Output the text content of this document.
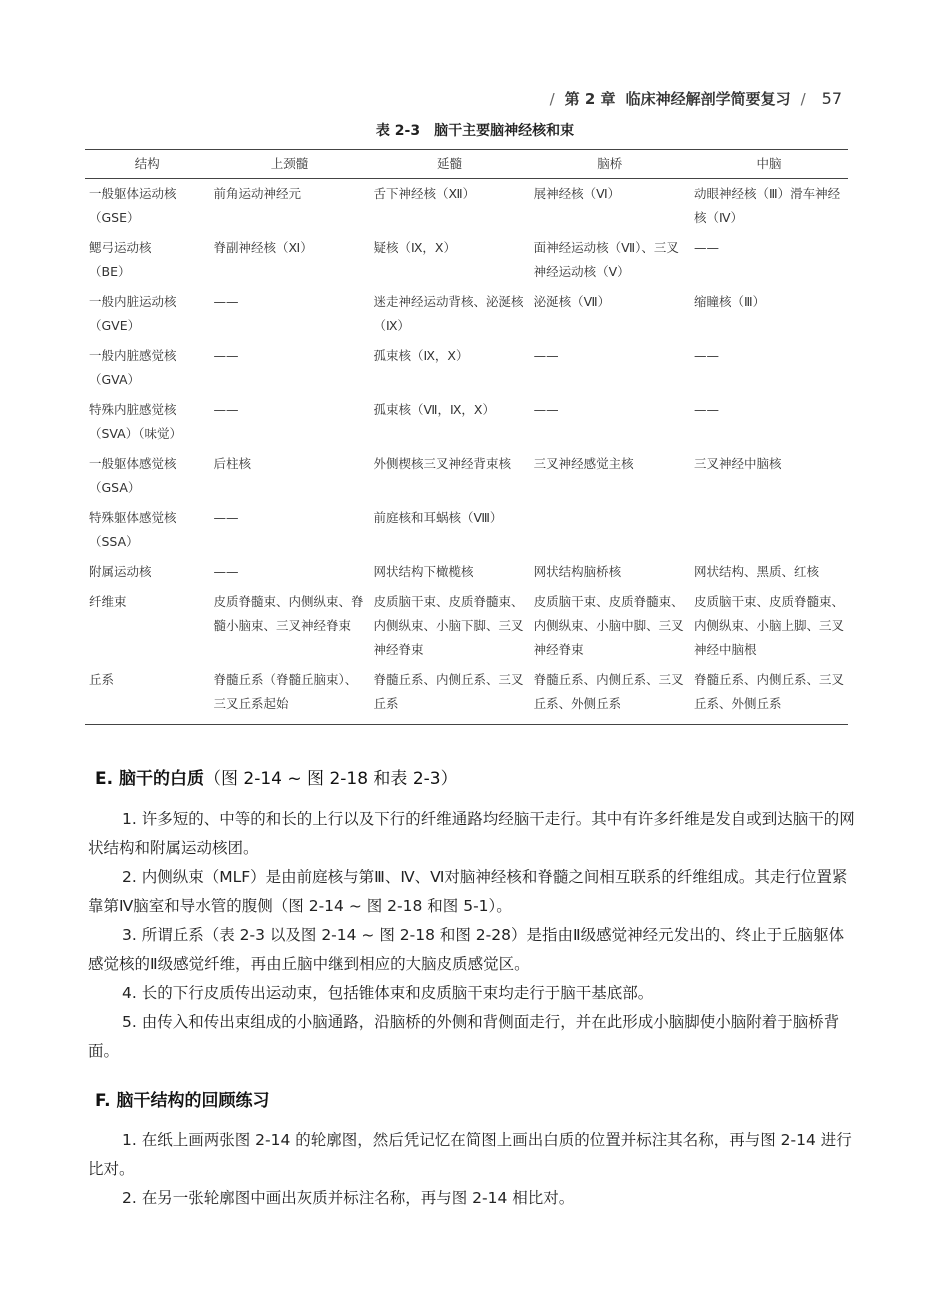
/ 第 2 章 临床神经解剖学简要复习 / 57
表 2-3　脑干主要脑神经核和束
结构	上颈髓	延髓	脑桥	中脑

一般躯体运动核
（GSE）	前角运动神经元	舌下神经核（Ⅻ）	展神经核（Ⅵ）	动眼神经核（Ⅲ）滑车神经核（Ⅳ）

鳃弓运动核
（BE）	脊副神经核（Ⅺ）	疑核（Ⅸ，Ⅹ）	面神经运动核（Ⅶ）、三叉神经运动核（Ⅴ）	——

一般内脏运动核
（GVE）	——	迷走神经运动背核、泌涎核（Ⅸ）	泌涎核（Ⅶ）	缩瞳核（Ⅲ）

一般内脏感觉核
（GVA）	——	孤束核（Ⅸ，Ⅹ）	——	——

特殊内脏感觉核
（SVA）（味觉）	——	孤束核（Ⅶ，Ⅸ，Ⅹ）	——	——

一般躯体感觉核
（GSA）	后柱核	外侧楔核三叉神经背束核	三叉神经感觉主核	三叉神经中脑核

特殊躯体感觉核
（SSA）	——	前庭核和耳蜗核（Ⅷ）		

附属运动核	——	网状结构下橄榄核	网状结构脑桥核	网状结构、黑质、红核

纤维束	皮质脊髓束、内侧纵束、脊髓小脑束、三叉神经脊束	皮质脑干束、皮质脊髓束、内侧纵束、小脑下脚、三叉神经脊束	皮质脑干束、皮质脊髓束、内侧纵束、小脑中脚、三叉神经脊束	皮质脑干束、皮质脊髓束、内侧纵束、小脑上脚、三叉神经中脑根

丘系	脊髓丘系（脊髓丘脑束）、三叉丘系起始	脊髓丘系、内侧丘系、三叉丘系	脊髓丘系、内侧丘系、三叉丘系、外侧丘系	脊髓丘系、内侧丘系、三叉丘系、外侧丘系
E. 脑干的白质（图 2-14 ~ 图 2-18 和表 2-3）

1. 许多短的、中等的和长的上行以及下行的纤维通路均经脑干走行。其中有许多纤维是发自或到达脑干的网状结构和附属运动核团。

2. 内侧纵束（MLF）是由前庭核与第Ⅲ、Ⅳ、Ⅵ对脑神经核和脊髓之间相互联系的纤维组成。其走行位置紧靠第Ⅳ脑室和导水管的腹侧（图 2-14 ~ 图 2-18 和图 5-1）。

3. 所谓丘系（表 2-3 以及图 2-14 ~ 图 2-18 和图 2-28）是指由Ⅱ级感觉神经元发出的、终止于丘脑躯体感觉核的Ⅱ级感觉纤维，再由丘脑中继到相应的大脑皮质感觉区。

4. 长的下行皮质传出运动束，包括锥体束和皮质脑干束均走行于脑干基底部。

5. 由传入和传出束组成的小脑通路，沿脑桥的外侧和背侧面走行，并在此形成小脑脚使小脑附着于脑桥背面。

F. 脑干结构的回顾练习

1. 在纸上画两张图 2-14 的轮廓图，然后凭记忆在简图上画出白质的位置并标注其名称，再与图 2-14 进行比对。

2. 在另一张轮廓图中画出灰质并标注名称，再与图 2-14 相比对。
